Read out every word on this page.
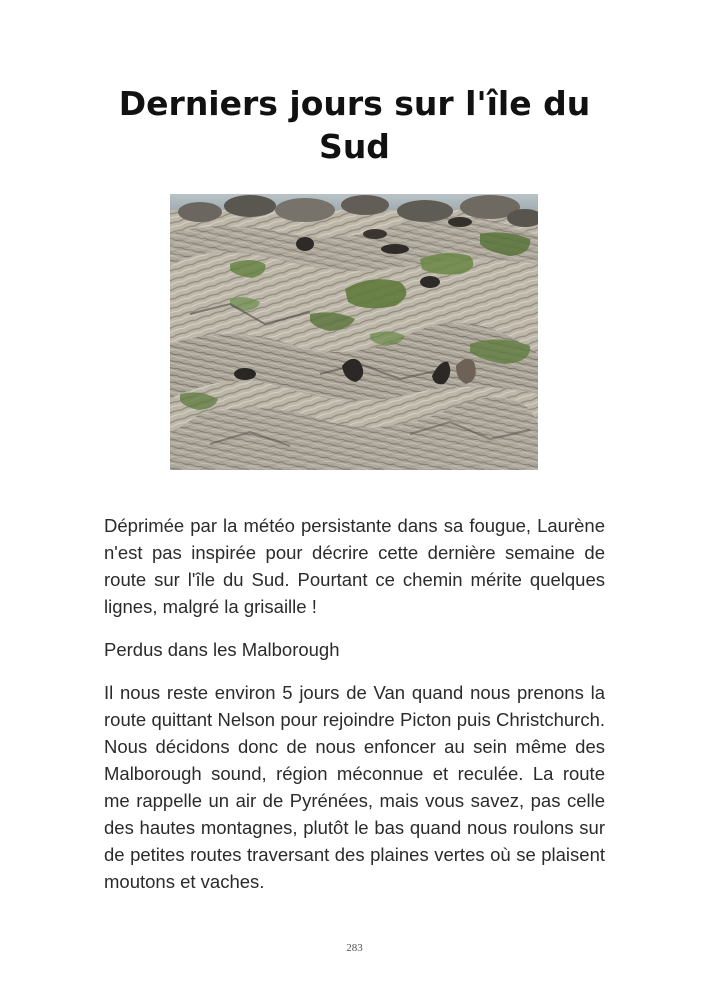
Derniers jours sur l'île du Sud

Déprimée par la météo persistante dans sa fougue, Laurène n'est pas inspirée pour décrire cette dernière semaine de route sur l'île du Sud. Pourtant ce chemin mérite quelques lignes, malgré la grisaille !

Perdus dans les Malborough

Il nous reste environ 5 jours de Van quand nous prenons la route quittant Nelson pour rejoindre Picton puis Christchurch. Nous décidons donc de nous enfoncer au sein même des Malborough sound, région méconnue et reculée. La route me rappelle un air de Pyrénées, mais vous savez, pas celle des hautes montagnes, plutôt le bas quand nous roulons sur de petites routes traversant des plaines vertes où se plaisent moutons et vaches.

283
